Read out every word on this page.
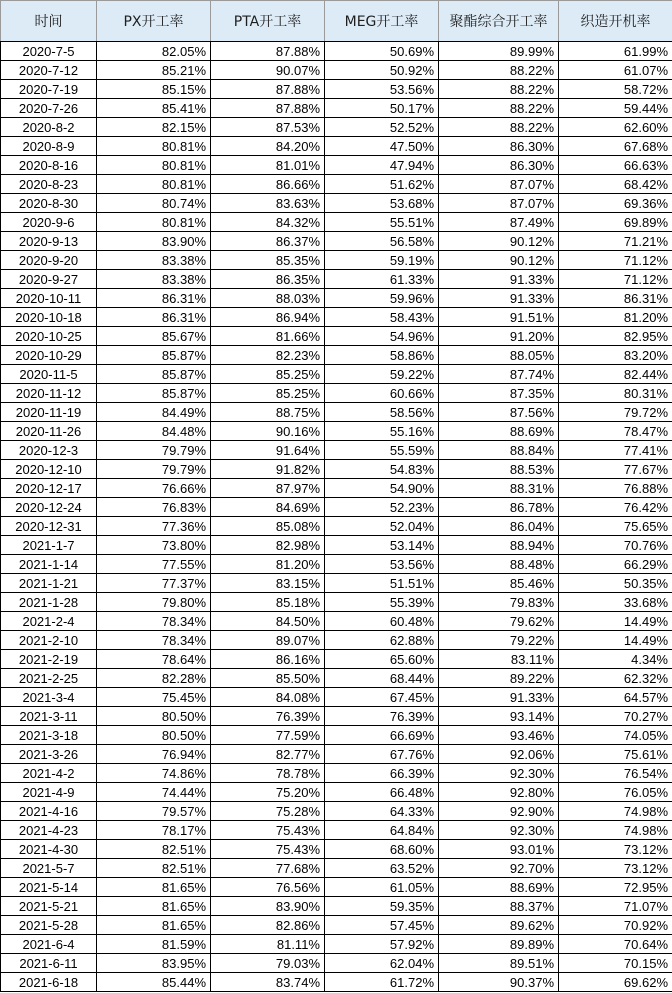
时间	PX开工率	PTA开工率	MEG开工率	聚酯综合开工率	织造开机率
2020-7-5	82.05%	87.88%	50.69%	89.99%	61.99%
2020-7-12	85.21%	90.07%	50.92%	88.22%	61.07%
2020-7-19	85.15%	87.88%	53.56%	88.22%	58.72%
2020-7-26	85.41%	87.88%	50.17%	88.22%	59.44%
2020-8-2	82.15%	87.53%	52.52%	88.22%	62.60%
2020-8-9	80.81%	84.20%	47.50%	86.30%	67.68%
2020-8-16	80.81%	81.01%	47.94%	86.30%	66.63%
2020-8-23	80.81%	86.66%	51.62%	87.07%	68.42%
2020-8-30	80.74%	83.63%	53.68%	87.07%	69.36%
2020-9-6	80.81%	84.32%	55.51%	87.49%	69.89%
2020-9-13	83.90%	86.37%	56.58%	90.12%	71.21%
2020-9-20	83.38%	85.35%	59.19%	90.12%	71.12%
2020-9-27	83.38%	86.35%	61.33%	91.33%	71.12%
2020-10-11	86.31%	88.03%	59.96%	91.33%	86.31%
2020-10-18	86.31%	86.94%	58.43%	91.51%	81.20%
2020-10-25	85.67%	81.66%	54.96%	91.20%	82.95%
2020-10-29	85.87%	82.23%	58.86%	88.05%	83.20%
2020-11-5	85.87%	85.25%	59.22%	87.74%	82.44%
2020-11-12	85.87%	85.25%	60.66%	87.35%	80.31%
2020-11-19	84.49%	88.75%	58.56%	87.56%	79.72%
2020-11-26	84.48%	90.16%	55.16%	88.69%	78.47%
2020-12-3	79.79%	91.64%	55.59%	88.84%	77.41%
2020-12-10	79.79%	91.82%	54.83%	88.53%	77.67%
2020-12-17	76.66%	87.97%	54.90%	88.31%	76.88%
2020-12-24	76.83%	84.69%	52.23%	86.78%	76.42%
2020-12-31	77.36%	85.08%	52.04%	86.04%	75.65%
2021-1-7	73.80%	82.98%	53.14%	88.94%	70.76%
2021-1-14	77.55%	81.20%	53.56%	88.48%	66.29%
2021-1-21	77.37%	83.15%	51.51%	85.46%	50.35%
2021-1-28	79.80%	85.18%	55.39%	79.83%	33.68%
2021-2-4	78.34%	84.50%	60.48%	79.62%	14.49%
2021-2-10	78.34%	89.07%	62.88%	79.22%	14.49%
2021-2-19	78.64%	86.16%	65.60%	83.11%	4.34%
2021-2-25	82.28%	85.50%	68.44%	89.22%	62.32%
2021-3-4	75.45%	84.08%	67.45%	91.33%	64.57%
2021-3-11	80.50%	76.39%	76.39%	93.14%	70.27%
2021-3-18	80.50%	77.59%	66.69%	93.46%	74.05%
2021-3-26	76.94%	82.77%	67.76%	92.06%	75.61%
2021-4-2	74.86%	78.78%	66.39%	92.30%	76.54%
2021-4-9	74.44%	75.20%	66.48%	92.80%	76.05%
2021-4-16	79.57%	75.28%	64.33%	92.90%	74.98%
2021-4-23	78.17%	75.43%	64.84%	92.30%	74.98%
2021-4-30	82.51%	75.43%	68.60%	93.01%	73.12%
2021-5-7	82.51%	77.68%	63.52%	92.70%	73.12%
2021-5-14	81.65%	76.56%	61.05%	88.69%	72.95%
2021-5-21	81.65%	83.90%	59.35%	88.37%	71.07%
2021-5-28	81.65%	82.86%	57.45%	89.62%	70.92%
2021-6-4	81.59%	81.11%	57.92%	89.89%	70.64%
2021-6-11	83.95%	79.03%	62.04%	89.51%	70.15%
2021-6-18	85.44%	83.74%	61.72%	90.37%	69.62%
